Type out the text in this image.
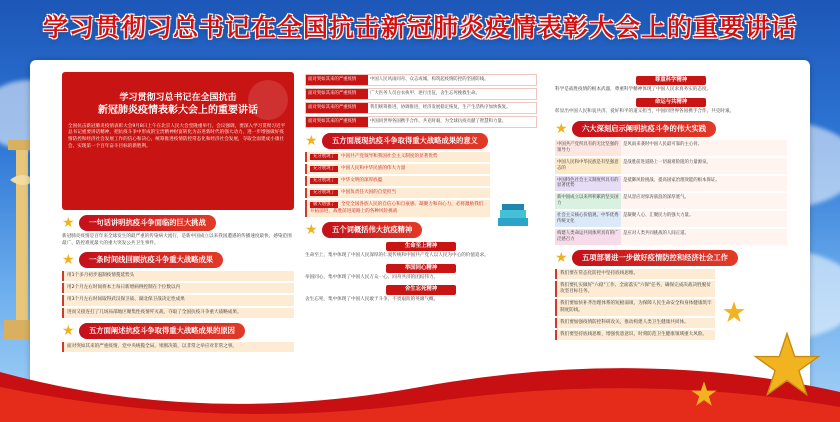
学习贯彻习总书记在全国抗击新冠肺炎疫情表彰大会上的重要讲话
学习贯彻习总书记在全国抗击
新冠肺炎疫情表彰大会上的重要讲话
全国抗击新冠肺炎疫情表彰大会9月8日上午在北京人民大会堂隆重举行。会议强调，要深入学习贯彻习近平总书记重要讲话精神，把抗疫斗争中形成的宝贵精神财富转化为奋进新时代的强大动力，进一步增强做好疫情防控和经济社会发展工作的信心和决心，统筹推进疫情防控常态化和经济社会发展，夺取全面建成小康社会、实现第一个百年奋斗目标的新胜利。
★	一句话讲明抗疫斗争面临的巨大挑战
新冠肺炎疫情是百年来全球发生的最严重的传染病大流行，是新中国成立以来我国遭遇的传播速度最快、感染范围最广、防控难度最大的重大突发公共卫生事件。
★	一条时间线回顾抗疫斗争重大战略成果
用1个多月初步遏制疫情蔓延势头
用2个月左右时间将本土每日新增病例控制在个位数以内
用3个月左右时间取得武汉保卫战、湖北保卫战决定性成果
进而又接连打了几场局部地区聚集性疫情歼灭战，夺取了全国抗疫斗争重大战略成果。
★	五方面阐述抗疫斗争取得重大战略成果的原因
面对突如其来的严重疫情，党中央统揽全局、果断决策，以非常之举应对非常之事。
面对突如其来的严重疫情	中国人民风雨同舟、众志成城，构筑起疫情防控的坚固防线。
面对突如其来的严重疫情	广大医务人员白衣执甲、逆行出征，舍生忘死挽救生命。
面对突如其来的严重疫情	我们统筹推进、协调推进，经济发展稳定恢复，生产生活秩序加快恢复。
面对突如其来的严重疫情	中国同世界各国携手合作、共克时艰，为全球抗疫贡献了智慧和力量。
★	五方面展现抗疫斗争取得重大战略成果的意义
充分展现了 中国共产党领导和我国社会主义制度的显著优势
充分展现了 中国人民和中华民族的伟大力量
充分展现了 中华文明的深厚底蕴
充分展现了 中国负责任大国的自觉担当
极大增强了 全党全国各族人民的自信心和自豪感、凝聚力和向心力，必将激励我们开拓前进，战胜前进道路上的各种风险挑战
★	五个词概括伟大抗疫精神
生命至上精神
生命至上，集中体现了中国人民深厚的仁爱传统和中国共产党人以人民为中心的价值追求。
举国同心精神
举国同心，集中体现了中国人民万众一心、同舟共济的团结伟力。
舍生忘死精神
舍生忘死，集中体现了中国人民敢于斗争、不畏艰险的英雄气概。
尊重科学精神
科学是战胜疫情的根本武器，尊重科学精神体现了中国人民求真务实的态度。
命运与共精神
彰显出中国人民和衷共济、爱好和平的道义担当，中国同世界各国携手合作、共克时艰。
★	六大深刻启示阐明抗疫斗争的伟大实践
中国共产党所具有的无比坚强的领导力
是风雨来袭时中国人民最可靠的主心骨。
中国人民和中华民族是有坚强意志的
是战胜前进道路上一切艰难险阻的力量源泉。
中国特色社会主义制度所具有的显著优势
是抵御风险挑战、提高国家治理效能的根本保证。
新中国成立以来所积累的坚实国力
是从容应对惊涛骇浪的深厚底气。
社会主义核心价值观、中华优秀传统文化
是凝聚人心、汇聚民力的强大力量。
构建人类命运共同体所具有的广泛感召力
是应对人类共同挑战的人间正道。
★	五项部署进一步做好疫情防控和经济社会工作
我们要在常态化防控中坚持底线思维。
我们要扎实做好"六稳"工作、全面落实"六保"任务，确保完成决战决胜脱贫攻坚目标任务。
我们要加快补齐治理体系的短板弱项，为保障人民生命安全和身体健康筑牢制度防线。
我们要加强疫情防控科研攻关，推动构建人类卫生健康共同体。
我们要坚持底线思维，增强忧患意识，时刻防范卫生健康领域重大风险。
